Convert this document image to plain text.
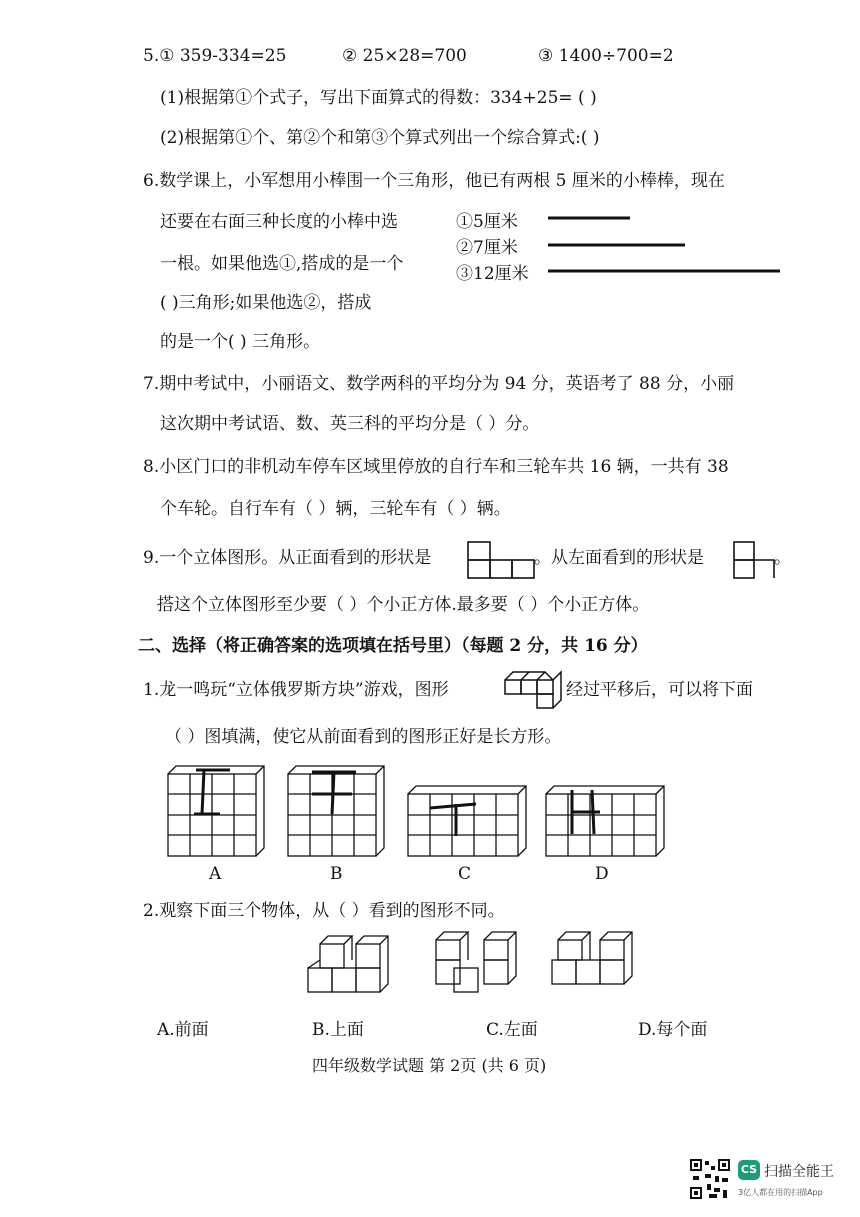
5.① 359-334=25	② 25×28=700	③ 1400÷700=2
(1)根据第①个式子，写出下面算式的得数：334+25= ( )
(2)根据第①个、第②个和第③个算式列出一个综合算式:( )
6.数学课上，小军想用小棒围一个三角形，他已有两根 5 厘米的小棒棒，现在
还要在右面三种长度的小棒中选
一根。如果他选①,搭成的是一个
( )三角形;如果他选②，搭成
的是一个( ) 三角形。
①5厘米
②7厘米
③12厘米
7.期中考试中，小丽语文、数学两科的平均分为 94 分，英语考了 88 分，小丽
这次期中考试语、数、英三科的平均分是（ ）分。
8.小区门口的非机动车停车区域里停放的自行车和三轮车共 16 辆，一共有 38
个车轮。自行车有（ ）辆，三轮车有（ ）辆。
9.一个立体图形。从正面看到的形状是	。从左面看到的形状是	。
搭这个立体图形至少要（ ）个小正方体.最多要（ ）个小正方体。
二、选择（将正确答案的选项填在括号里）（每题 2 分，共 16 分）
1.龙一鸣玩“立体俄罗斯方块”游戏，图形	经过平移后，可以将下面
（ ）图填满，使它从前面看到的图形正好是长方形。
A	B	C	D
2.观察下面三个物体，从（ ）看到的图形不同。
A.前面	B.上面	C.左面	D.每个面
四年级数学试题 第 2页 (共 6 页)
CS 扫描全能王
3亿人都在用的扫描App
